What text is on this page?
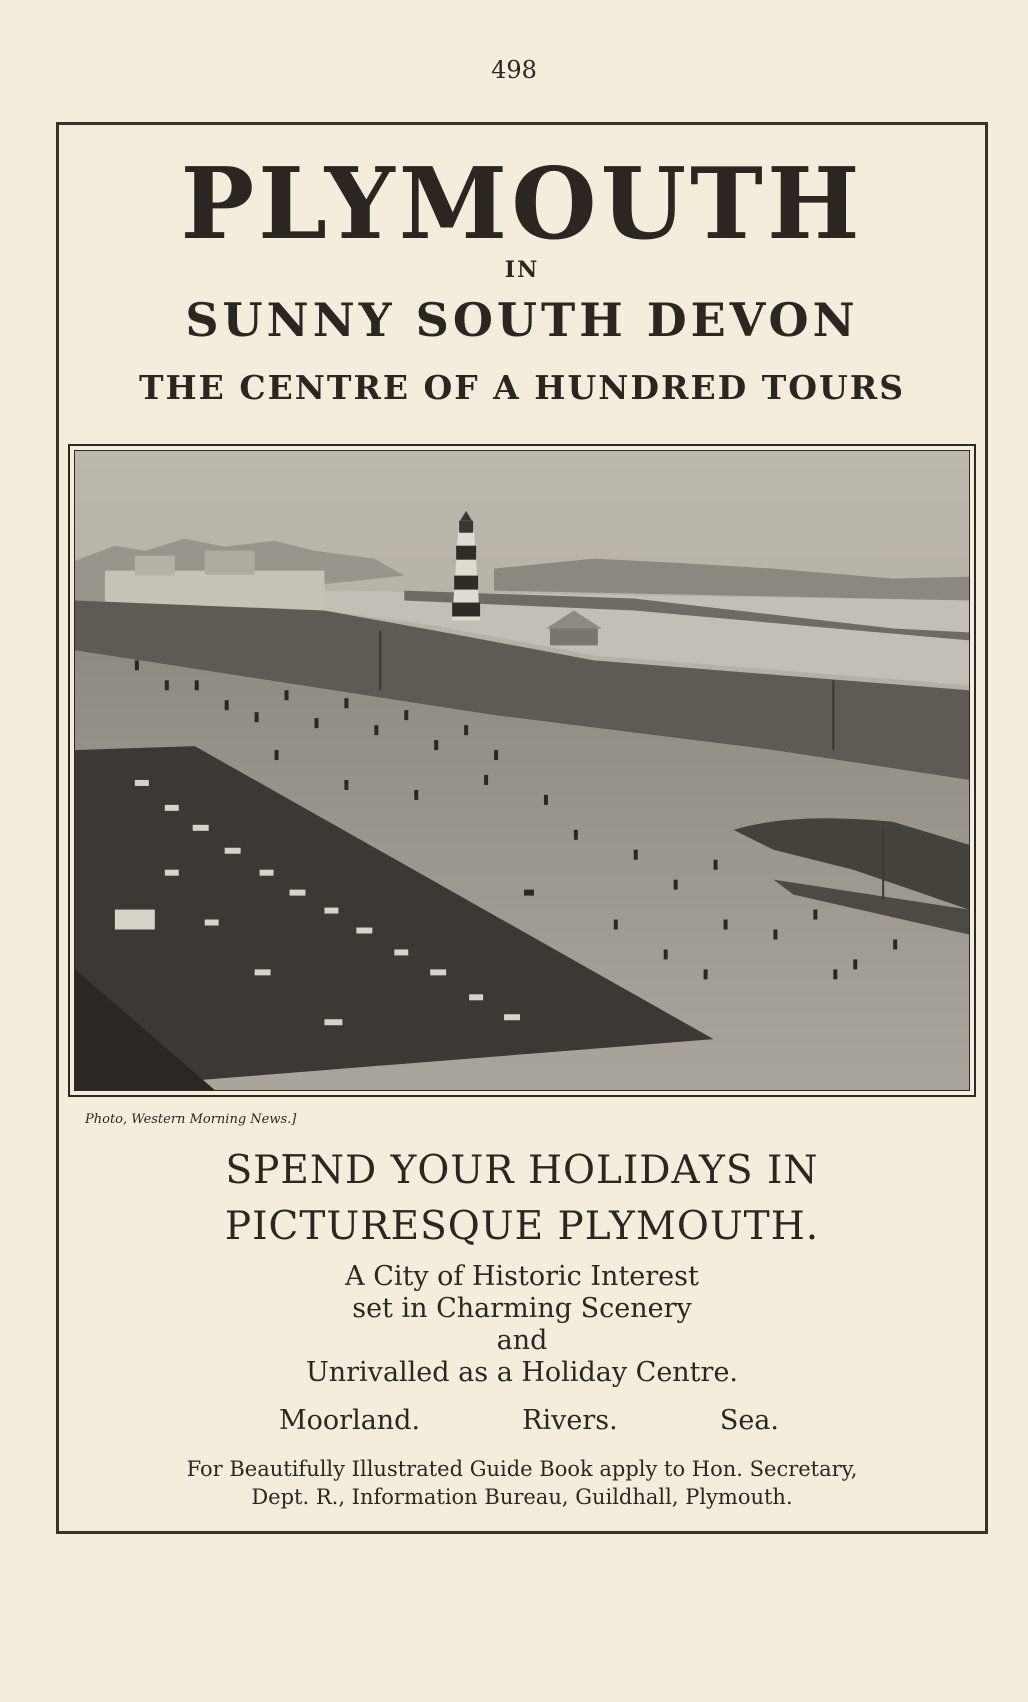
498
PLYMOUTH
IN
SUNNY SOUTH DEVON
THE CENTRE OF A HUNDRED TOURS
Photo, Western Morning News.]
SPEND YOUR HOLIDAYS IN
PICTURESQUE PLYMOUTH.
A City of Historic Interest
set in Charming Scenery
and
Unrivalled as a Holiday Centre.
Moorland.	Rivers.	Sea.
For Beautifully Illustrated Guide Book apply to Hon. Secretary,
Dept. R., Information Bureau, Guildhall, Plymouth.
